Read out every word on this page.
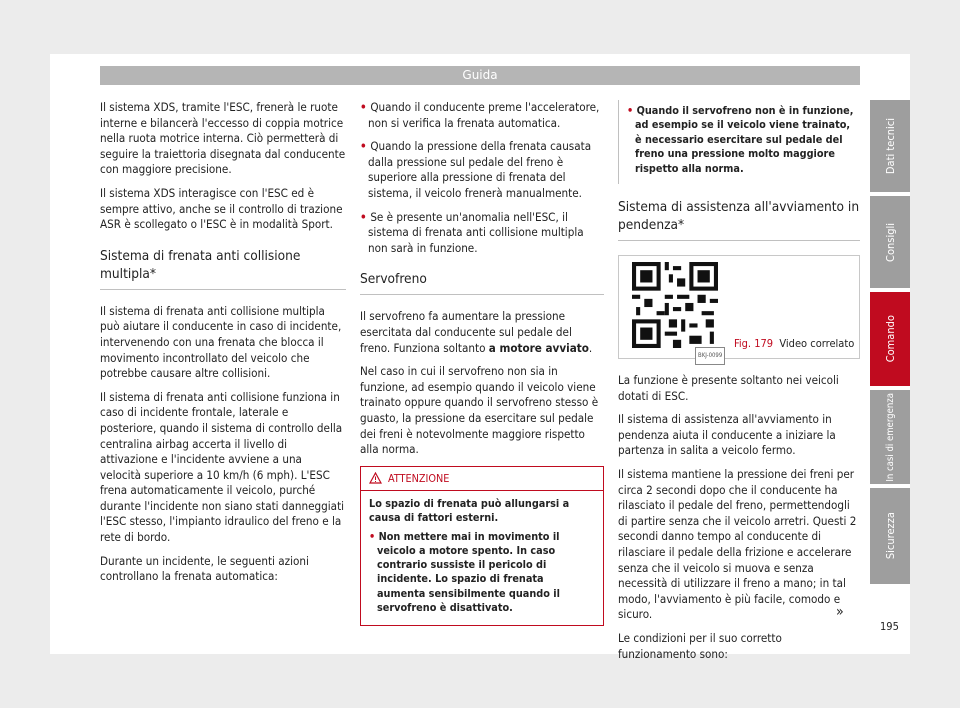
Guida

Il sistema XDS, tramite l'ESC, frenerà le ruote interne e bilancerà l'eccesso di coppia motrice nella ruota motrice interna. Ciò permetterà di seguire la traiettoria disegnata dal conducente con maggiore precisione.

Il sistema XDS interagisce con l'ESC ed è sempre attivo, anche se il controllo di trazione ASR è scollegato o l'ESC è in modalità Sport.

Sistema di frenata anti collisione multipla*

Il sistema di frenata anti collisione multipla può aiutare il conducente in caso di incidente, intervenendo con una frenata che blocca il movimento incontrollato del veicolo che potrebbe causare altre collisioni.

Il sistema di frenata anti collisione funziona in caso di incidente frontale, laterale e posteriore, quando il sistema di controllo della centralina airbag accerta il livello di attivazione e l'incidente avviene a una velocità superiore a 10 km/h (6 mph). L'ESC frena automaticamente il veicolo, purché durante l'incidente non siano stati danneggiati l'ESC stesso, l'impianto idraulico del freno e la rete di bordo.

Durante un incidente, le seguenti azioni controllano la frenata automatica:

• Quando il conducente preme l'acceleratore, non si verifica la frenata automatica.

• Quando la pressione della frenata causata dalla pressione sul pedale del freno è superiore alla pressione di frenata del sistema, il veicolo frenerà manualmente.

• Se è presente un'anomalia nell'ESC, il sistema di frenata anti collisione multipla non sarà in funzione.

Servofreno

Il servofreno fa aumentare la pressione esercitata dal conducente sul pedale del freno. Funziona soltanto a motore avviato.

Nel caso in cui il servofreno non sia in funzione, ad esempio quando il veicolo viene trainato oppure quando il servofreno stesso è guasto, la pressione da esercitare sul pedale dei freni è notevolmente maggiore rispetto alla norma.

ATTENZIONE

Lo spazio di frenata può allungarsi a causa di fattori esterni.

• Non mettere mai in movimento il veicolo a motore spento. In caso contrario sussiste il pericolo di incidente. Lo spazio di frenata aumenta sensibilmente quando il servofreno è disattivato.

• Quando il servofreno non è in funzione, ad esempio se il veicolo viene trainato, è necessario esercitare sul pedale del freno una pressione molto maggiore rispetto alla norma.
Sistema di assistenza all'avviamento in pendenza*
BKJ-0099
Fig. 179 Video correlato

La funzione è presente soltanto nei veicoli dotati di ESC.

Il sistema di assistenza all'avviamento in pendenza aiuta il conducente a iniziare la partenza in salita a veicolo fermo.

Il sistema mantiene la pressione dei freni per circa 2 secondi dopo che il conducente ha rilasciato il pedale del freno, permettendogli di partire senza che il veicolo arretri. Questi 2 secondi danno tempo al conducente di rilasciare il pedale della frizione e accelerare senza che il veicolo si muova e senza necessità di utilizzare il freno a mano; in tal modo, l'avviamento è più facile, comodo e sicuro.

Le condizioni per il suo corretto funzionamento sono:

»
Dati tecnici
Consigli
Comando
In casi di emergenza
Sicurezza
195
